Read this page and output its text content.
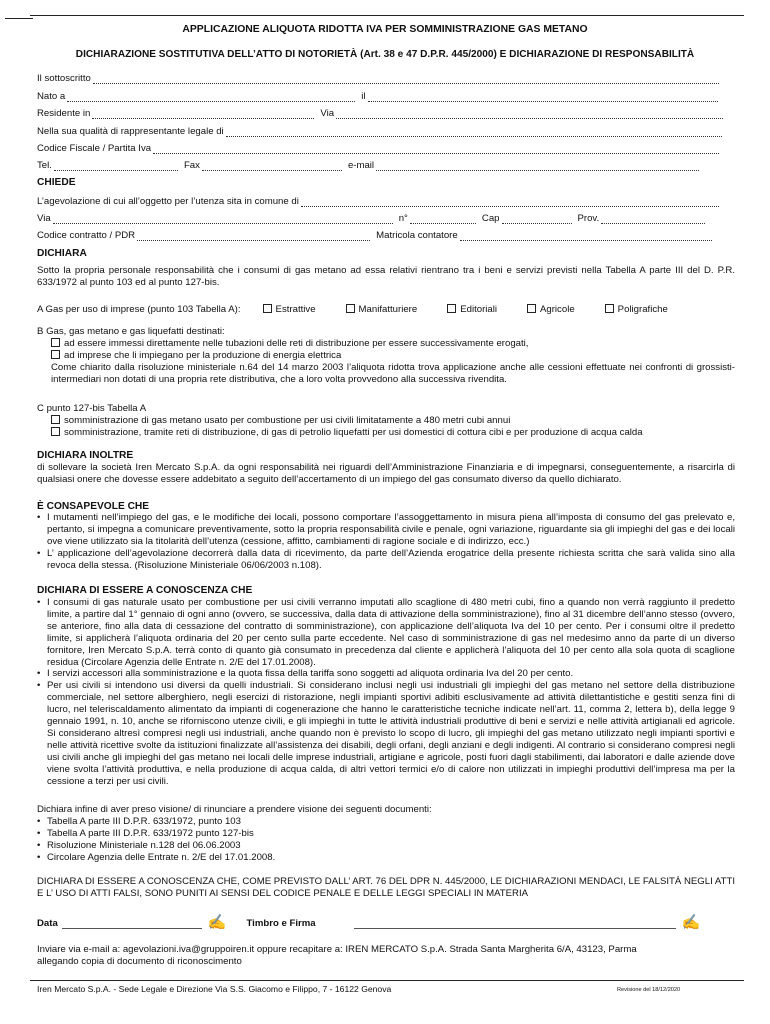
APPLICAZIONE ALIQUOTA RIDOTTA IVA PER SOMMINISTRAZIONE GAS METANO
DICHIARAZIONE SOSTITUTIVA DELL’ATTO DI NOTORIETÀ (Art. 38 e 47 D.P.R. 445/2000) E DICHIARAZIONE DI RESPONSABILITÀ
Il sottoscritto
Nato a	il
Residente in	Via
Nella sua qualità di rappresentante legale di
Codice Fiscale / Partita Iva
Tel.	Fax	e-mail
CHIEDE
L’agevolazione di cui all’oggetto per l’utenza sita in comune di
Via	n°	Cap	Prov.
Codice contratto / PDR	Matricola contatore
DICHIARA
Sotto la propria personale responsabilità che i consumi di gas metano ad essa relativi rientrano tra i beni e servizi previsti nella Tabella A parte III del D. P.R. 633/1972 al punto 103 ed al punto 127-bis.
A Gas per uso di imprese (punto 103 Tabella A):	Estrattive	Manifatturiere	Editoriali	Agricole	Poligrafiche

B Gas, gas metano e gas liquefatti destinati:

ad essere immessi direttamente nelle tubazioni delle reti di distribuzione per essere successivamente erogati,

ad imprese che li impiegano per la produzione di energia elettrica

Come chiarito dalla risoluzione ministeriale n.64 del 14 marzo 2003 l’aliquota ridotta trova applicazione anche alle cessioni effettuate nei confronti di grossisti-intermediari non dotati di una propria rete distributiva, che a loro volta provvedono alla successiva rivendita.

C punto 127-bis Tabella A

somministrazione di gas metano usato per combustione per usi civili limitatamente a 480 metri cubi annui

somministrazione, tramite reti di distribuzione, di gas di petrolio liquefatti per usi domestici di cottura cibi e per produzione di acqua calda

DICHIARA INOLTRE
di sollevare la società Iren Mercato S.p.A. da ogni responsabilità nei riguardi dell’Amministrazione Finanziaria e di impegnarsi, conseguentemente, a risarcirla di qualsiasi onere che dovesse essere addebitato a seguito dell’accertamento di un impiego del gas consumato diverso da quello dichiarato.
È CONSAPEVOLE CHE
• I mutamenti nell’impiego del gas, e le modifiche dei locali, possono comportare l’assoggettamento in misura piena all’imposta di consumo del gas prelevato e, pertanto, si impegna a comunicare preventivamente, sotto la propria responsabilità civile e penale, ogni variazione, riguardante sia gli impieghi del gas e dei locali ove viene utilizzato sia la titolarità dell’utenza (cessione, affitto, cambiamenti di ragione sociale e di indirizzo, ecc.)
• L’ applicazione dell’agevolazione decorrerà dalla data di ricevimento, da parte dell’Azienda erogatrice della presente richiesta scritta che sarà valida sino alla revoca della stessa. (Risoluzione Ministeriale 06/06/2003 n.108).
DICHIARA DI ESSERE A CONOSCENZA CHE
• I consumi di gas naturale usato per combustione per usi civili verranno imputati allo scaglione di 480 metri cubi, fino a quando non verrà raggiunto il predetto limite, a partire dal 1° gennaio di ogni anno (ovvero, se successiva, dalla data di attivazione della somministrazione), fino al 31 dicembre dell’anno stesso (ovvero, se anteriore, fino alla data di cessazione del contratto di somministrazione), con applicazione dell’aliquota Iva del 10 per cento. Per i consumi oltre il predetto limite, si applicherà l’aliquota ordinaria del 20 per cento sulla parte eccedente. Nel caso di somministrazione di gas nel medesimo anno da parte di un diverso fornitore, Iren Mercato S.p.A. terrà conto di quanto già consumato in precedenza dal cliente e applicherà l’aliquota del 10 per cento alla sola quota di scaglione residua (Circolare Agenzia delle Entrate n. 2/E del 17.01.2008).
• I servizi accessori alla somministrazione e la quota fissa della tariffa sono soggetti ad aliquota ordinaria Iva del 20 per cento.
• Per usi civili si intendono usi diversi da quelli industriali. Si considerano inclusi negli usi industriali gli impieghi del gas metano nel settore della distribuzione commerciale, nel settore alberghiero, negli esercizi di ristorazione, negli impianti sportivi adibiti esclusivamente ad attività dilettantistiche e gestiti senza fini di lucro, nel teleriscaldamento alimentato da impianti di cogenerazione che hanno le caratteristiche tecniche indicate nell’art. 11, comma 2, lettera b), della legge 9 gennaio 1991, n. 10, anche se riforniscono utenze civili, e gli impieghi in tutte le attività industriali produttive di beni e servizi e nelle attività artigianali ed agricole. Si considerano altresì compresi negli usi industriali, anche quando non è previsto lo scopo di lucro, gli impieghi del gas metano utilizzato negli impianti sportivi e nelle attività ricettive svolte da istituzioni finalizzate all’assistenza dei disabili, degli orfani, degli anziani e degli indigenti. Al contrario si considerano compresi negli usi civili anche gli impieghi del gas metano nei locali delle imprese industriali, artigiane e agricole, posti fuori dagli stabilimenti, dai laboratori e dalle aziende dove viene svolta l’attività produttiva, e nella produzione di acqua calda, di altri vettori termici e/o di calore non utilizzati in impieghi produttivi dell’impresa ma per la cessione a terzi per usi civili.

Dichiara infine di aver preso visione/ di rinunciare a prendere visione dei seguenti documenti:

• Tabella A parte III D.P.R. 633/1972, punto 103
• Tabella A parte III D.P.R. 633/1972 punto 127-bis
• Risoluzione Ministeriale n.128 del 06.06.2003
• Circolare Agenzia delle Entrate n. 2/E del 17.01.2008.
DICHIARA DI ESSERE A CONOSCENZA CHE, COME PREVISTO DALL’ ART. 76 DEL DPR N. 445/2000, LE DICHIARAZIONI MENDACI, LE FALSITÀ NEGLI ATTI E L’ USO DI ATTI FALSI, SONO PUNITI AI SENSI DEL CODICE PENALE E DELLE LEGGI SPECIALI IN MATERIA
Data	✍ Timbro e Firma	✍

Inviare via e-mail a: agevolazioni.iva@gruppoiren.it oppure recapitare a: IREN MERCATO S.p.A. Strada Santa Margherita 6/A, 43123, Parma

allegando copia di documento di riconoscimento

Iren Mercato S.p.A. - Sede Legale e Direzione Via S.S. Giacomo e Filippo, 7 - 16122 Genova	Revisione del 18/12/2020
